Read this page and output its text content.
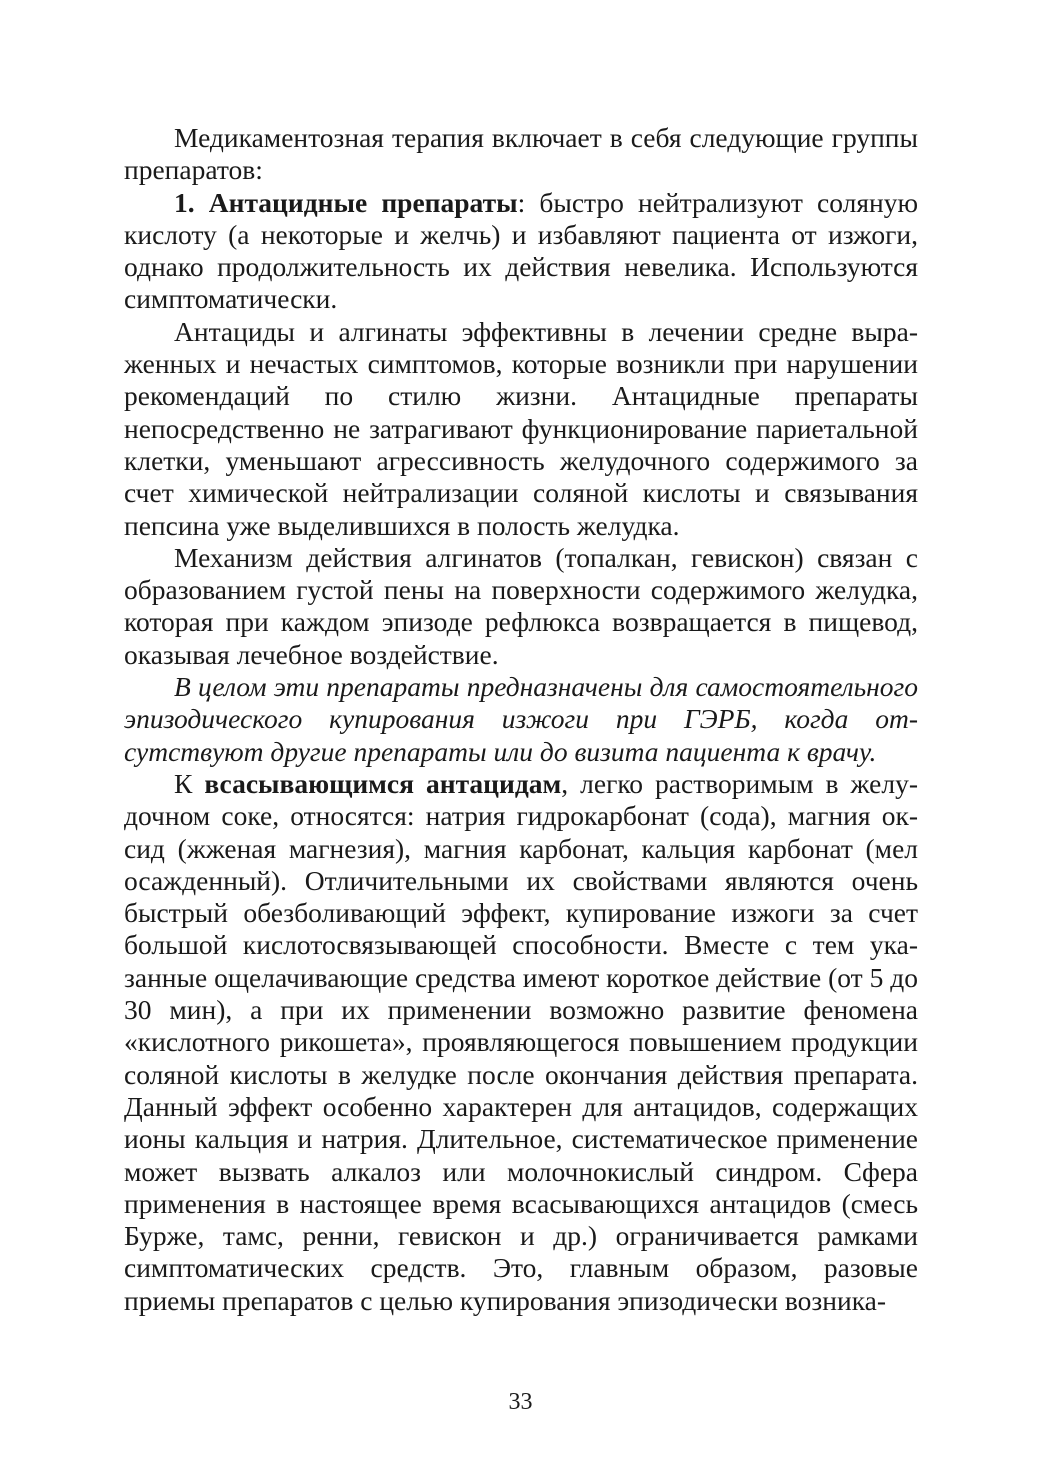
Медикаментозная терапия включает в себя следующие группы препаратов:

1. Антацидные препараты: быстро нейтрализуют соляную кислоту (а некоторые и желчь) и избавляют пациента от изжоги, однако продолжительность их действия невелика. Используются симптоматически.

Антациды и алгинаты эффективны в лечении средне выраженных и нечастых симптомов, которые возникли при нарушении рекомендаций по стилю жизни. Антацидные препараты непосредственно не затрагивают функционирование париетальной клетки, уменьшают агрессивность желудочного содержимого за счет химической нейтрализации соляной кислоты и связывания пепсина уже выделившихся в полость желудка.

Механизм действия алгинатов (топалкан, гевискон) связан с образованием густой пены на поверхности содержимого желудка, которая при каждом эпизоде рефлюкса возвращается в пищевод, оказывая лечебное воздействие.

В целом эти препараты предназначены для самостоятельного эпизодического купирования изжоги при ГЭРБ, когда отсутствуют другие препараты или до визита пациента к врачу.

К всасывающимся антацидам, легко растворимым в желудочном соке, относятся: натрия гидрокарбонат (сода), магния оксид (жженая магнезия), магния карбонат, кальция карбонат (мел осажденный). Отличительными их свойствами являются очень быстрый обезболивающий эффект, купирование изжоги за счет большой кислотосвязывающей способности. Вместе с тем указанные ощелачивающие средства имеют короткое действие (от 5 до 30 мин), а при их применении возможно развитие феномена «кислотного рикошета», проявляющегося повышением продукции соляной кислоты в желудке после окончания действия препарата. Данный эффект особенно характерен для антацидов, содержащих ионы кальция и натрия. Длительное, систематическое применение может вызвать алкалоз или молочнокислый синдром. Сфера применения в настоящее время всасывающихся антацидов (смесь Бурже, тамс, ренни, гевискон и др.) ограничивается рамками симптоматических средств. Это, главным образом, разовые приемы препаратов с целью купирования эпизодически возника-

33
